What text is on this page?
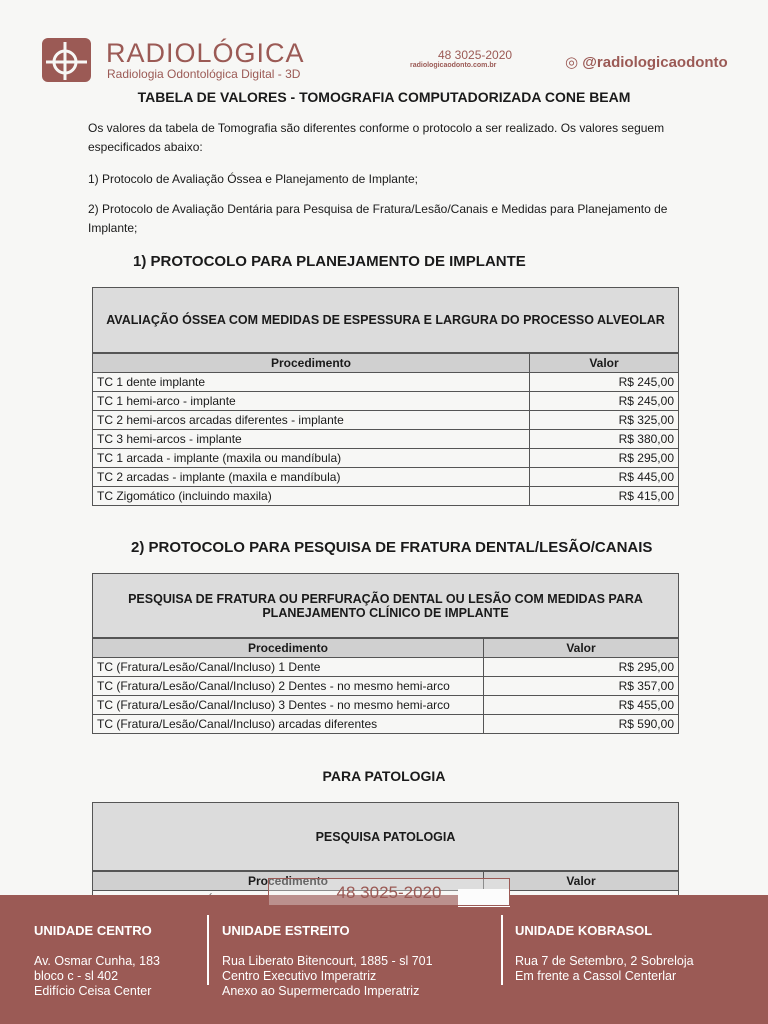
RADIOLÓGICA
Radiologia Odontológica Digital - 3D
48 3025-2020
radiologicaodonto.com.br	◎ @radiologicaodonto
TABELA DE VALORES - TOMOGRAFIA COMPUTADORIZADA CONE BEAM
Os valores da tabela de Tomografia são diferentes conforme o protocolo a ser realizado. Os valores seguem especificados abaixo:
1) Protocolo de Avaliação Óssea e Planejamento de Implante;
2) Protocolo de Avaliação Dentária para Pesquisa de Fratura/Lesão/Canais e Medidas para Planejamento de Implante;
1) PROTOCOLO PARA PLANEJAMENTO DE IMPLANTE
AVALIAÇÃO ÓSSEA COM MEDIDAS DE ESPESSURA E LARGURA DO PROCESSO ALVEOLAR
Procedimento	Valor
TC 1 dente implante	R$ 245,00
TC 1 hemi-arco - implante	R$ 245,00
TC 2 hemi-arcos arcadas diferentes - implante	R$ 325,00
TC 3 hemi-arcos - implante	R$ 380,00
TC 1 arcada - implante (maxila ou mandíbula)	R$ 295,00
TC 2 arcadas - implante (maxila e mandíbula)	R$ 445,00
TC Zigomático (incluindo maxila)	R$ 415,00
2) PROTOCOLO PARA PESQUISA DE FRATURA DENTAL/LESÃO/CANAIS
PESQUISA DE FRATURA OU PERFURAÇÃO DENTAL OU LESÃO COM MEDIDAS PARA
PLANEJAMENTO CLÍNICO DE IMPLANTE
Procedimento	Valor
TC (Fratura/Lesão/Canal/Incluso) 1 Dente	R$ 295,00
TC (Fratura/Lesão/Canal/Incluso) 2 Dentes - no mesmo hemi-arco	R$ 357,00
TC (Fratura/Lesão/Canal/Incluso) 3 Dentes - no mesmo hemi-arco	R$ 455,00
TC (Fratura/Lesão/Canal/Incluso) arcadas diferentes	R$ 590,00
PARA PATOLOGIA
PESQUISA PATOLOGIA
Procedimento	Valor

UNIDADE CENTRO
Av. Osmar Cunha, 183
bloco c - sl 402
Edifício Ceisa Center
UNIDADE ESTREITO
Rua Liberato Bitencourt, 1885 - sl 701
Centro Executivo Imperatriz
Anexo ao Supermercado Imperatriz
UNIDADE KOBRASOL
Rua 7 de Setembro, 2 Sobreloja
Em frente a Cassol Centerlar
48 3025-2020
